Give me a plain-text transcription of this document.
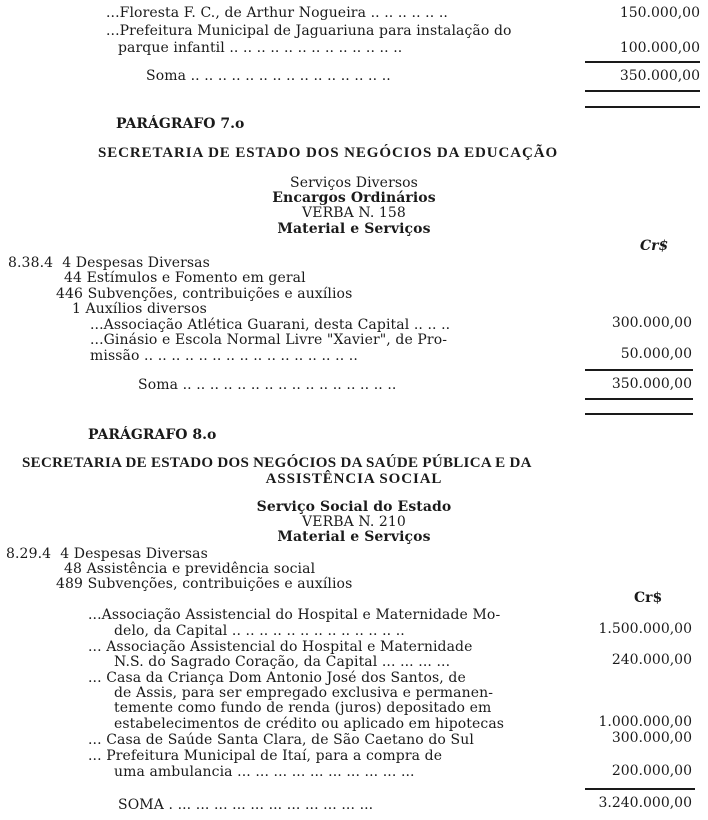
...Floresta F. C., de Arthur Nogueira .. .. .. .. .. ..	150.000,00
...Prefeitura Municipal de Jaguariuna para instalação do
parque infantil .. .. .. .. .. .. .. .. .. .. .. .. ..	100.000,00
Soma .. .. .. .. .. .. .. .. .. .. .. .. .. .. ..	350.000,00
PARÁGRAFO 7.o
SECRETARIA DE ESTADO DOS NEGÓCIOS DA EDUCAÇÃO
Serviços Diversos
Encargos Ordinários
VERBA N. 158
Material e Serviços
Cr$
8.38.4  4 Despesas Diversas
44 Estímulos e Fomento em geral
446 Subvenções, contribuições e auxílios
1 Auxílios diversos
...Associação Atlética Guarani, desta Capital .. .. ..	300.000,00
...Ginásio e Escola Normal Livre "Xavier", de Pro-
missão .. .. .. .. .. .. .. .. .. .. .. .. .. .. .. ..	50.000,00
Soma .. .. .. .. .. .. .. .. .. .. .. .. .. .. .. ..	350.000,00
PARÁGRAFO 8.o
SECRETARIA DE ESTADO DOS NEGÓCIOS DA SAÚDE PÚBLICA E DA
ASSISTÊNCIA SOCIAL
Serviço Social do Estado
VERBA N. 210
Material e Serviços
8.29.4  4 Despesas Diversas
48 Assistência e previdência social
489 Subvenções, contribuições e auxílios
Cr$
...Associação Assistencial do Hospital e Maternidade Mo-
delo, da Capital .. .. .. .. .. .. .. .. .. .. .. .. ..	1.500.000,00
... Associação Assistencial do Hospital e Maternidade
N.S. do Sagrado Coração, da Capital ... ... ... ...	240.000,00
... Casa da Criança Dom Antonio José dos Santos, de
de Assis, para ser empregado exclusiva e permanen-
temente como fundo de renda (juros) depositado em
estabelecimentos de crédito ou aplicado em hipotecas	1.000.000,00
... Casa de Saúde Santa Clara, de São Caetano do Sul	300.000,00
... Prefeitura Municipal de Itaí, para a compra de
uma ambulancia ... ... ... ... ... ... ... ... ... ...	200.000,00
SOMA . ... ... ... ... ... ... ... ... ... ... ...	3.240.000,00
